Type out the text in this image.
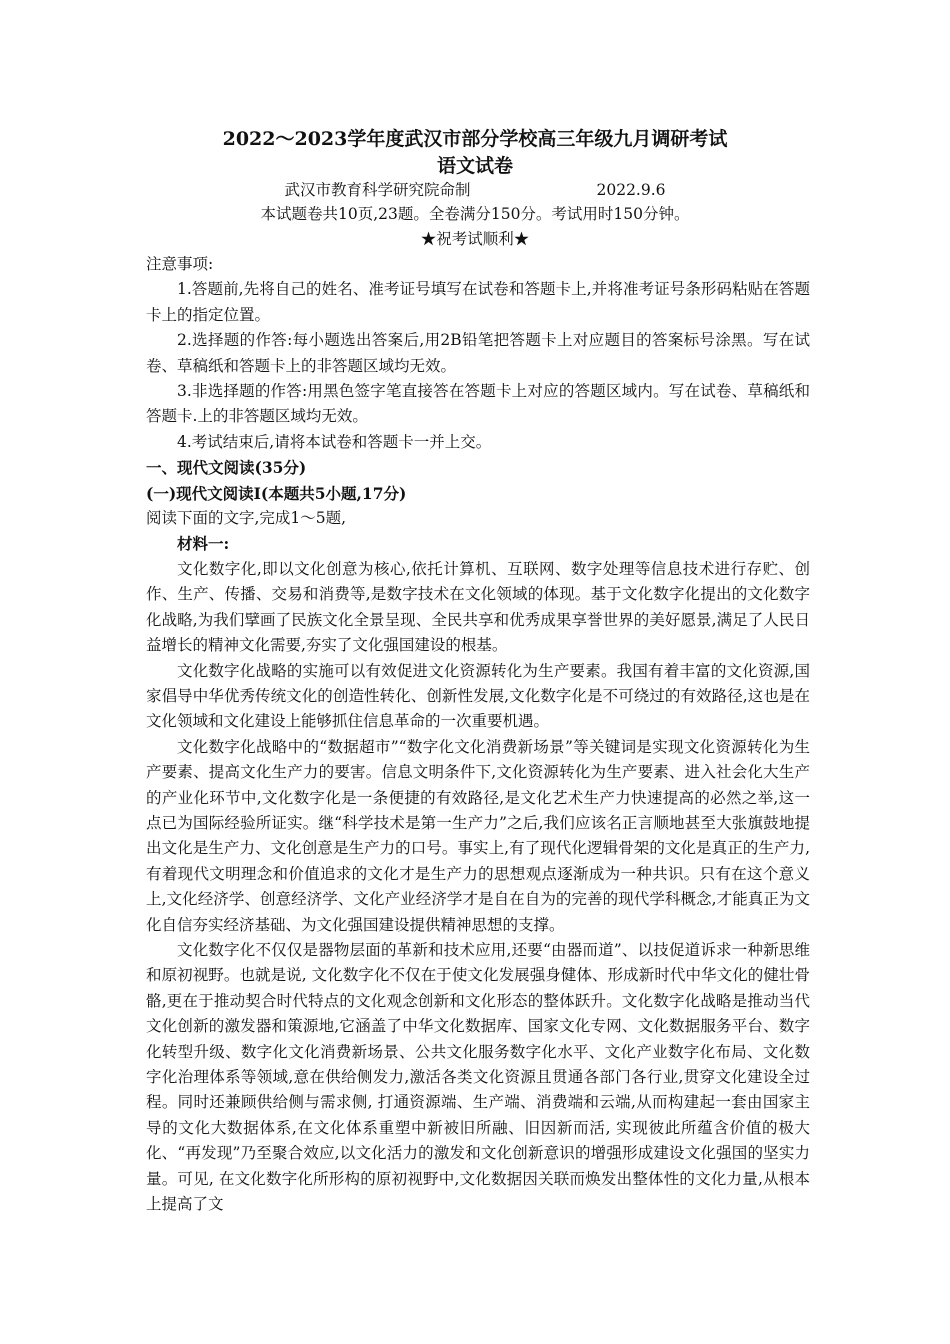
2022～2023学年度武汉市部分学校高三年级九月调研考试
语文试卷
武汉市教育科学研究院命制	2022.9.6
本试题卷共10页,23题。全卷满分150分。考试用时150分钟。
★祝考试顺利★

注意事项:

1.答题前,先将自己的姓名、准考证号填写在试卷和答题卡上,并将准考证号条形码粘贴在答题卡上的指定位置。

2.选择题的作答:每小题选出答案后,用2B铅笔把答题卡上对应题目的答案标号涂黑。写在试卷、草稿纸和答题卡上的非答题区域均无效。

3.非选择题的作答:用黑色签字笔直接答在答题卡上对应的答题区域内。写在试卷、草稿纸和答题卡.上的非答题区域均无效。

4.考试结束后,请将本试卷和答题卡一并上交。

一、现代文阅读(35分)

(一)现代文阅读Ⅰ(本题共5小题,17分)

阅读下面的文字,完成1～5题,

材料一:

文化数字化,即以文化创意为核心,依托计算机、互联网、数字处理等信息技术进行存贮、创作、生产、传播、交易和消费等,是数字技术在文化领域的体现。基于文化数字化提出的文化数字化战略,为我们擘画了民族文化全景呈现、全民共享和优秀成果享誉世界的美好愿景,满足了人民日益增长的精神文化需要,夯实了文化强国建设的根基。

文化数字化战略的实施可以有效促进文化资源转化为生产要素。我国有着丰富的文化资源,国家倡导中华优秀传统文化的创造性转化、创新性发展,文化数字化是不可绕过的有效路径,这也是在文化领域和文化建设上能够抓住信息革命的一次重要机遇。

文化数字化战略中的“数据超市”“数字化文化消费新场景”等关键词是实现文化资源转化为生产要素、提高文化生产力的要害。信息文明条件下,文化资源转化为生产要素、进入社会化大生产的产业化环节中,文化数字化是一条便捷的有效路径,是文化艺术生产力快速提高的必然之举,这一点已为国际经验所证实。继“科学技术是第一生产力”之后,我们应该名正言顺地甚至大张旗鼓地提出文化是生产力、文化创意是生产力的口号。事实上,有了现代化逻辑骨架的文化是真正的生产力,有着现代文明理念和价值追求的文化才是生产力的思想观点逐渐成为一种共识。只有在这个意义上,文化经济学、创意经济学、文化产业经济学才是自在自为的完善的现代学科概念,才能真正为文化自信夯实经济基础、为文化强国建设提供精神思想的支撑。

文化数字化不仅仅是器物层面的革新和技术应用,还要“由器而道”、以技促道诉求一种新思维和原初视野。也就是说, 文化数字化不仅在于使文化发展强身健体、形成新时代中华文化的健壮骨骼,更在于推动契合时代特点的文化观念创新和文化形态的整体跃升。文化数字化战略是推动当代文化创新的激发器和策源地,它涵盖了中华文化数据库、国家文化专网、文化数据服务平台、数字化转型升级、数字化文化消费新场景、公共文化服务数字化水平、文化产业数字化布局、文化数字化治理体系等领域,意在供给侧发力,激活各类文化资源且贯通各部门各行业,贯穿文化建设全过程。同时还兼顾供给侧与需求侧, 打通资源端、生产端、消费端和云端,从而构建起一套由国家主导的文化大数据体系,在文化体系重塑中新被旧所融、旧因新而活, 实现彼此所蕴含价值的极大化、“再发现”乃至聚合效应,以文化活力的激发和文化创新意识的增强形成建设文化强国的坚实力量。可见, 在文化数字化所形构的原初视野中,文化数据因关联而焕发出整体性的文化力量,从根本上提高了文
